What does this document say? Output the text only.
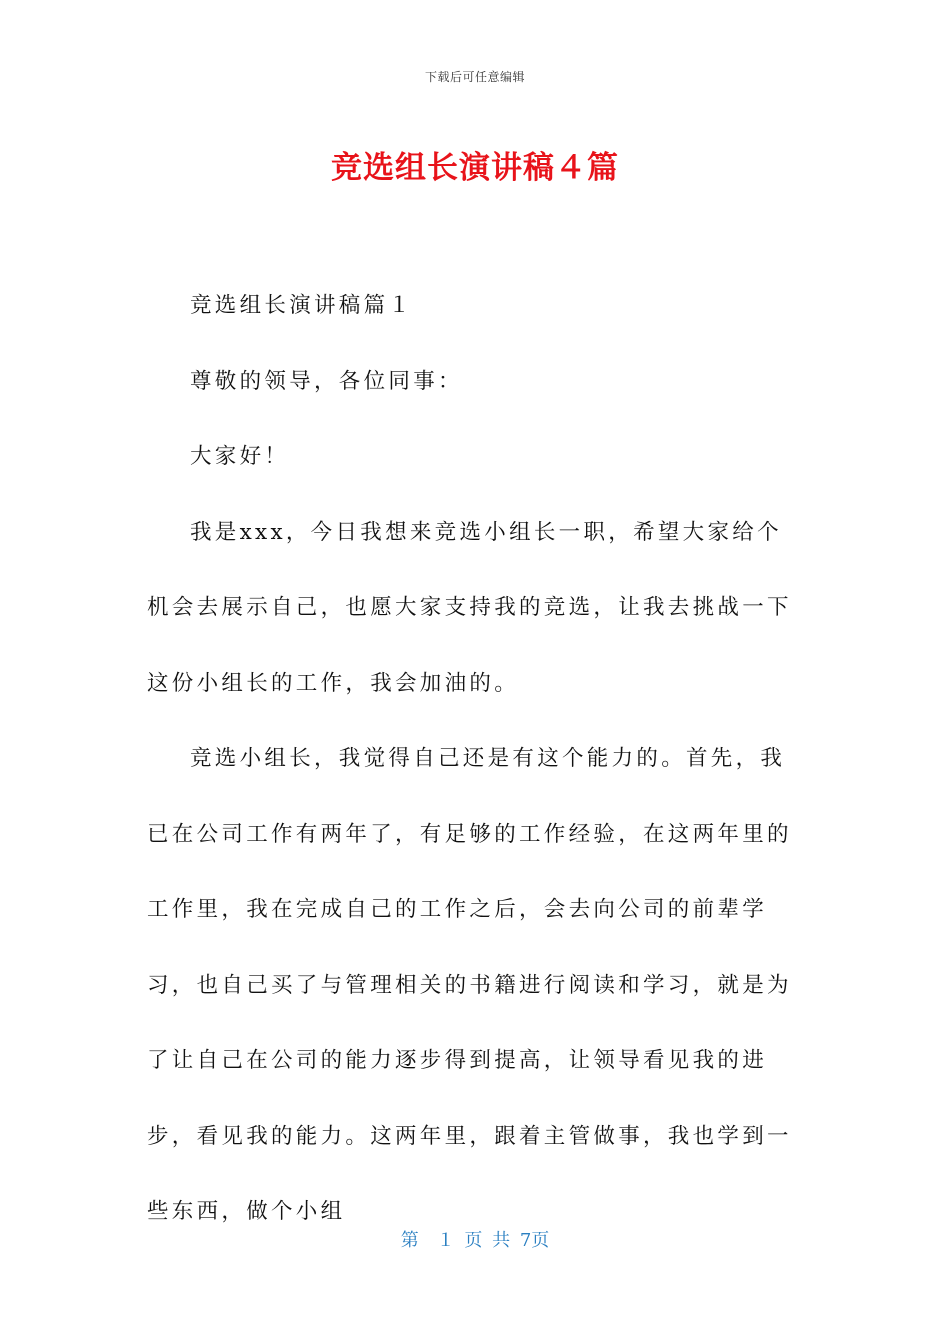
下载后可任意编辑
竞选组长演讲稿４篇

竞选组长演讲稿篇１

尊敬的领导，各位同事：

大家好！

我是xxx，今日我想来竞选小组长一职，希望大家给个机会去展示自己，也愿大家支持我的竞选，让我去挑战一下这份小组长的工作，我会加油的。

竞选小组长，我觉得自己还是有这个能力的。首先，我已在公司工作有两年了，有足够的工作经验，在这两年里的工作里，我在完成自己的工作之后，会去向公司的前辈学习，也自己买了与管理相关的书籍进行阅读和学习，就是为了让自己在公司的能力逐步得到提高，让领导看见我的进步，看见我的能力。这两年里，跟着主管做事，我也学到一些东西，做个小组

第　１ 页 共 7页
